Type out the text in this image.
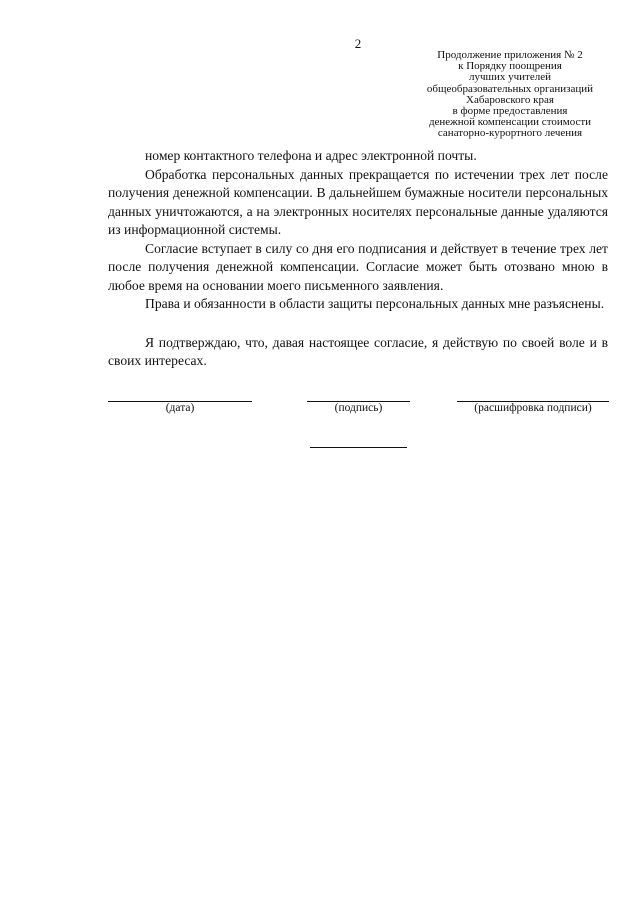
2
Продолжение приложения № 2
к Порядку поощрения
лучших учителей
общеобразовательных организаций
Хабаровского края
в форме предоставления
денежной компенсации стоимости
санаторно-курортного лечения

номер контактного телефона и адрес электронной почты.

Обработка персональных данных прекращается по истечении трех лет после получения денежной компенсации. В дальнейшем бумажные носители персональных данных уничтожаются, а на электронных носителях персональные данные удаляются из информационной системы.

Согласие вступает в силу со дня его подписания и действует в течение трех лет после получения денежной компенсации. Согласие может быть отозвано мною в любое время на основании моего письменного заявления.

Права и обязанности в области защиты персональных данных мне разъяснены.

Я подтверждаю, что, давая настоящее согласие, я действую по своей воле и в своих интересах.

(дата)	(подпись)	(расшифровка подписи)
